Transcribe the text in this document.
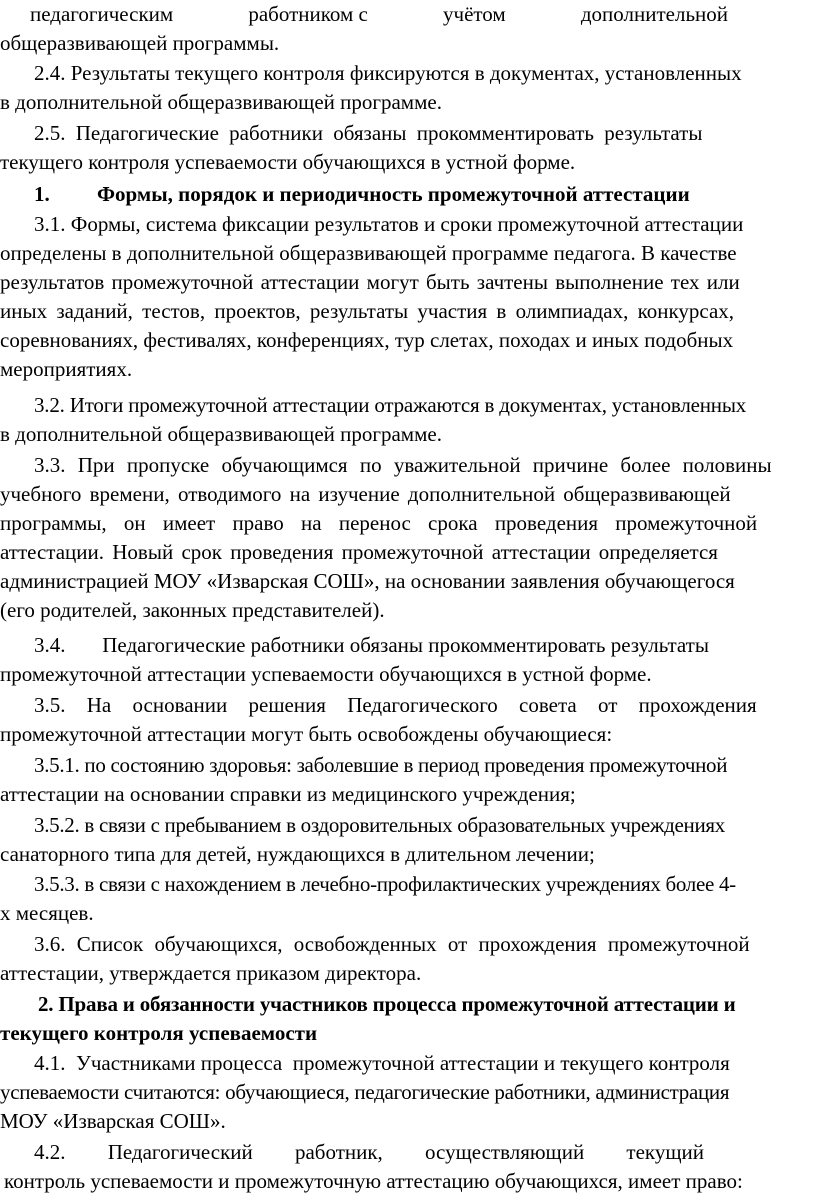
педагогическим	работником с	учётом	дополнительной
общеразвивающей программы.
2.4. Результаты текущего контроля фиксируются в документах, установленных
в дополнительной общеразвивающей программе.
2.5. Педагогические работники обязаны прокомментировать результаты
текущего контроля успеваемости обучающихся в устной форме.
1. Формы, порядок и периодичность промежуточной аттестации
3.1. Формы, система фиксации результатов и сроки промежуточной аттестации
определены в дополнительной общеразвивающей программе педагога. В качестве
результатов промежуточной аттестации могут быть зачтены выполнение тех или
иных заданий, тестов, проектов, результаты участия в олимпиадах, конкурсах,
соревнованиях, фестивалях, конференциях, тур слетах, походах и иных подобных
мероприятиях.
3.2. Итоги промежуточной аттестации отражаются в документах, установленных
в дополнительной общеразвивающей программе.
3.3. При пропуске обучающимся по уважительной причине более половины
учебного времени, отводимого на изучение дополнительной общеразвивающей
программы, он имеет право на перенос срока проведения промежуточной
аттестации. Новый срок проведения промежуточной аттестации определяется
администрацией МОУ «Изварская СОШ», на основании заявления обучающегося
(его родителей, законных представителей).
3.4.       Педагогические работники обязаны прокомментировать результаты
промежуточной аттестации успеваемости обучающихся в устной форме.
3.5. На основании решения Педагогического совета от прохождения
промежуточной аттестации могут быть освобождены обучающиеся:
3.5.1. по состоянию здоровья: заболевшие в период проведения промежуточной
аттестации на основании справки из медицинского учреждения;
3.5.2. в связи с пребыванием в оздоровительных образовательных учреждениях
санаторного типа для детей, нуждающихся в длительном лечении;
3.5.3. в связи с нахождением в лечебно-профилактических учреждениях более 4-
х месяцев.
3.6. Список обучающихся, освобожденных от прохождения промежуточной
аттестации, утверждается приказом директора.
2. Права и обязанности участников процесса промежуточной аттестации и
текущего контроля успеваемости
4.1.  Участниками процесса  промежуточной аттестации и текущего контроля
успеваемости считаются: обучающиеся, педагогические работники, администрация
МОУ «Изварская СОШ».
4.2. Педагогический работник, осуществляющий текущий
контроль успеваемости и промежуточную аттестацию обучающихся, имеет право:
